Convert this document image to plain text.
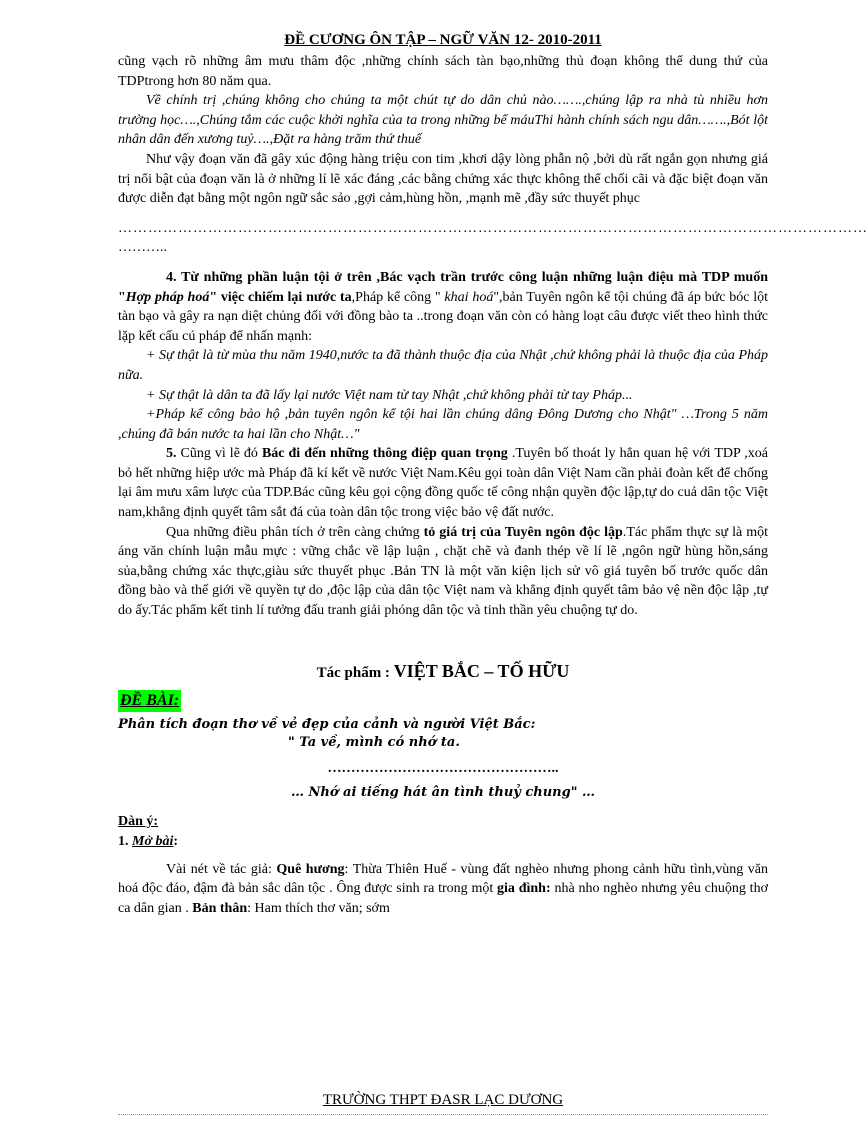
ĐỀ CƯƠNG ÔN TẬP – NGỮ VĂN 12- 2010-2011

cũng vạch rõ những âm mưu thâm độc ,những chính sách tàn bạo,những thủ đoạn không thể dung thứ của TDPtrong hơn 80 năm qua.

Về chính trị ,chúng không cho chúng ta một chút tự do dân chủ nào…….,chúng lập ra nhà tù nhiều hơn trường học….,Chúng tắm các cuộc khởi nghĩa của ta trong những bể máuThi hành chính sách ngu dân…….,Bót lột nhân dân đến xương tuỷ….,Đặt ra hàng trăm thứ thuế

Như vậy đoạn văn đã gây xúc động hàng triệu con tim ,khơi dậy lòng phẫn nộ ,bởi dù rất ngắn gọn nhưng giá trị nổi bật của đoạn văn là ở những lí lẽ xác đáng ,các bằng chứng xác thực không thể chối cãi và đặc biệt đoạn văn được diễn đạt bằng một ngôn ngữ sắc sảo ,gợi cảm,hùng hồn, ,mạnh mẽ ,đầy sức thuyết phục

……………………………………………………………………………………………………………………………………

………..

4. Từ những phần luận tội ở trên ,Bác vạch trần trước công luận những luận điệu mà TDP muốn "Hợp pháp hoá" việc chiếm lại nước ta,Pháp kể công " khai hoá",bản Tuyên ngôn kể tội chúng đã áp bức bóc lột tàn bạo và gây ra nạn diệt chủng đối với đồng bào ta ..trong đoạn văn còn có hàng loạt câu được viết theo hình thức lặp kết cấu cú pháp để nhấn mạnh:

+ Sự thật là từ mùa thu năm 1940,nước ta đã thành thuộc địa của Nhật ,chứ không phải là thuộc địa của Pháp nữa.

+ Sự thật là dân ta đã lấy lại nước Việt nam từ tay Nhật ,chứ không phải từ tay Pháp...

+Pháp kể công bảo hộ ,bản tuyên ngôn kể tội hai lần chúng dâng Đông Dương cho Nhật" …Trong 5 năm ,chúng đã bán nước ta hai lần cho Nhật…"

5. Cũng vì lẽ đó Bác đi đến những thông điệp quan trọng .Tuyên bố thoát ly hẳn quan hệ với TDP ,xoá bỏ hết những hiệp ước mà Pháp đã kí kết về nước Việt Nam.Kêu gọi toàn dân Việt Nam cần phải đoàn kết để chống lại âm mưu xâm lược của TDP.Bác cũng kêu gọi cộng đồng quốc tế công nhận quyền độc lập,tự do cuả dân tộc Việt nam,khẳng định quyết tâm sắt đá của toàn dân tộc trong việc bảo vệ đất nước.

Qua những điều phân tích ở trên càng chứng tỏ giá trị của Tuyên ngôn độc lập.Tác phẩm thực sự là một áng văn chính luận mẫu mực : vững chắc về lập luận , chặt chẽ và đanh thép về lí lẽ ,ngôn ngữ hùng hồn,sáng sủa,bằng chứng xác thực,giàu sức thuyết phục .Bản TN là một văn kiện lịch sử vô giá tuyên bố trước quốc dân đồng bào và thế giới về quyền tự do ,độc lập của dân tộc Việt nam và khẳng định quyết tâm bảo vệ nền độc lập ,tự do ấy.Tác phẩm kết tinh lí tưởng đấu tranh giải phóng dân tộc và tinh thần yêu chuộng tự do.

Tác phẩm : VIỆT BẮC – TỐ HỮU
ĐỀ BÀI:

Phân tích đoạn thơ về vẻ đẹp của cảnh và người Việt Bắc:

" Ta về, mình có nhớ ta.

…………………………………………..

… Nhớ ai tiếng hát ân tình thuỷ chung" …

Dàn ý:

1. Mở bài:

Vài nét về tác giả: Quê hương: Thừa Thiên Huế - vùng đất nghèo nhưng phong cảnh hữu tình,vùng văn hoá độc đáo, đậm đà bản sắc dân tộc . Ông được sinh ra trong một gia đình: nhà nho nghèo nhưng yêu chuộng thơ ca dân gian . Bản thân: Ham thích thơ văn; sớm

TRƯỜNG THPT ĐASR LẠC DƯƠNG
